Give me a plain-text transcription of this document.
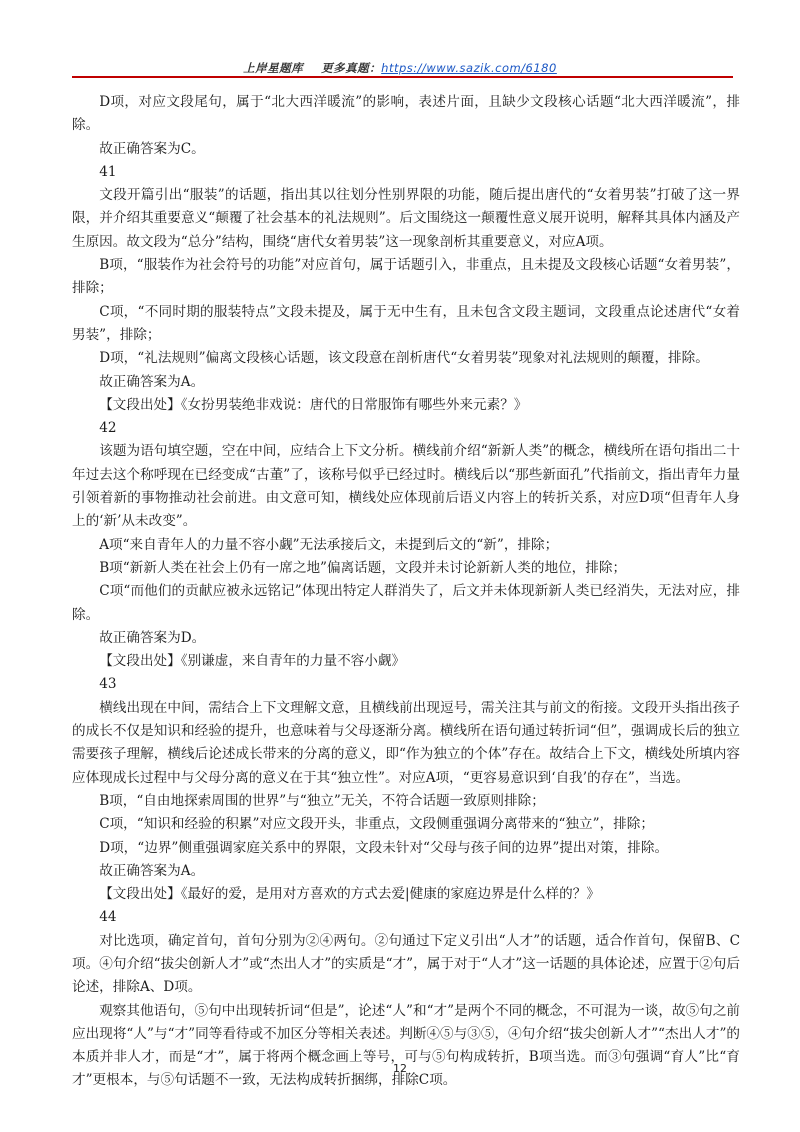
上岸星题库 更多真题：https://www.sazik.com/6180

D项，对应文段尾句，属于“北大西洋暖流”的影响，表述片面，且缺少文段核心话题“北大西洋暖流”，排除。

故正确答案为C。

41

文段开篇引出“服装”的话题，指出其以往划分性别界限的功能，随后提出唐代的“女着男装”打破了这一界限，并介绍其重要意义“颠覆了社会基本的礼法规则”。后文围绕这一颠覆性意义展开说明，解释其具体内涵及产生原因。故文段为“总分”结构，围绕“唐代女着男装”这一现象剖析其重要意义，对应A项。

B项，“服装作为社会符号的功能”对应首句，属于话题引入，非重点，且未提及文段核心话题“女着男装”，排除；

C项，“不同时期的服装特点”文段未提及，属于无中生有，且未包含文段主题词，文段重点论述唐代“女着男装”，排除；

D项，“礼法规则”偏离文段核心话题，该文段意在剖析唐代“女着男装”现象对礼法规则的颠覆，排除。

故正确答案为A。

【文段出处】《女扮男装绝非戏说：唐代的日常服饰有哪些外来元素？》

42

该题为语句填空题，空在中间，应结合上下文分析。横线前介绍“新新人类”的概念，横线所在语句指出二十年过去这个称呼现在已经变成“古董”了，该称号似乎已经过时。横线后以“那些新面孔”代指前文，指出青年力量引领着新的事物推动社会前进。由文意可知，横线处应体现前后语义内容上的转折关系，对应D项“但青年人身上的‘新’从未改变”。

A项“来自青年人的力量不容小觑”无法承接后文，未提到后文的“新”，排除；

B项“新新人类在社会上仍有一席之地”偏离话题，文段并未讨论新新人类的地位，排除；

C项“而他们的贡献应被永远铭记”体现出特定人群消失了，后文并未体现新新人类已经消失，无法对应，排除。

故正确答案为D。

【文段出处】《别谦虚，来自青年的力量不容小觑》

43

横线出现在中间，需结合上下文理解文意，且横线前出现逗号，需关注其与前文的衔接。文段开头指出孩子的成长不仅是知识和经验的提升，也意味着与父母逐渐分离。横线所在语句通过转折词“但”，强调成长后的独立需要孩子理解，横线后论述成长带来的分离的意义，即“作为独立的个体”存在。故结合上下文，横线处所填内容应体现成长过程中与父母分离的意义在于其“独立性”。对应A项，“更容易意识到‘自我’的存在”，当选。

B项，“自由地探索周围的世界”与“独立”无关，不符合话题一致原则排除；

C项，“知识和经验的积累”对应文段开头，非重点，文段侧重强调分离带来的“独立”，排除；

D项，“边界”侧重强调家庭关系中的界限，文段未针对“父母与孩子间的边界”提出对策，排除。

故正确答案为A。

【文段出处】《最好的爱，是用对方喜欢的方式去爱|健康的家庭边界是什么样的？》

44

对比选项，确定首句，首句分别为②④两句。②句通过下定义引出“人才”的话题，适合作首句，保留B、C项。④句介绍“拔尖创新人才”或“杰出人才”的实质是“才”，属于对于“人才”这一话题的具体论述，应置于②句后论述，排除A、D项。

观察其他语句，⑤句中出现转折词“但是”，论述“人”和“才”是两个不同的概念，不可混为一谈，故⑤句之前应出现将“人”与“才”同等看待或不加区分等相关表述。判断④⑤与③⑤，④句介绍“拔尖创新人才”“杰出人才”的本质并非人才，而是“才”，属于将两个概念画上等号，可与⑤句构成转折，B项当选。而③句强调“育人”比“育才”更根本，与⑤句话题不一致，无法构成转折捆绑，排除C项。

12
